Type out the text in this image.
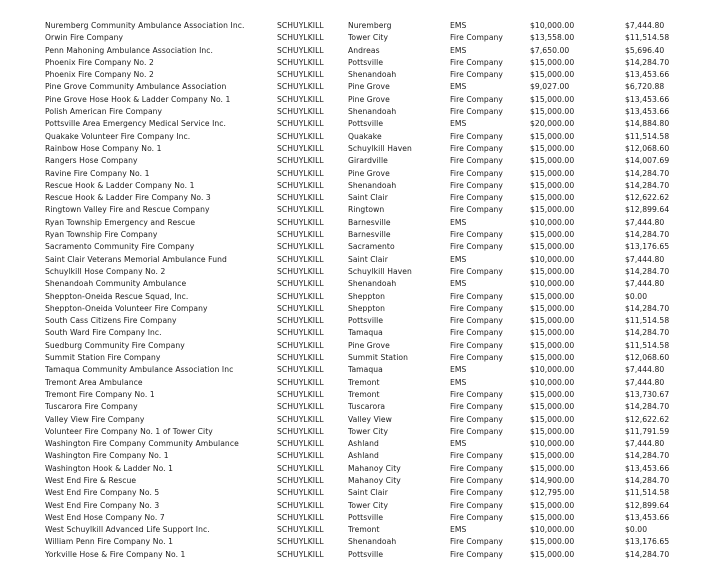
Nuremberg Community Ambulance Association Inc.	SCHUYLKILL	Nuremberg	EMS	$10,000.00	$7,444.80
Orwin Fire Company	SCHUYLKILL	Tower City	Fire Company	$13,558.00	$11,514.58
Penn Mahoning Ambulance Association Inc.	SCHUYLKILL	Andreas	EMS	$7,650.00	$5,696.40
Phoenix Fire Company No. 2	SCHUYLKILL	Pottsville	Fire Company	$15,000.00	$14,284.70
Phoenix Fire Company No. 2	SCHUYLKILL	Shenandoah	Fire Company	$15,000.00	$13,453.66
Pine Grove Community Ambulance Association	SCHUYLKILL	Pine Grove	EMS	$9,027.00	$6,720.88
Pine Grove Hose Hook & Ladder Company No. 1	SCHUYLKILL	Pine Grove	Fire Company	$15,000.00	$13,453.66
Polish American Fire Company	SCHUYLKILL	Shenandoah	Fire Company	$15,000.00	$13,453.66
Pottsville Area Emergency Medical Service Inc.	SCHUYLKILL	Pottsville	EMS	$20,000.00	$14,884.80
Quakake Volunteer Fire Company Inc.	SCHUYLKILL	Quakake	Fire Company	$15,000.00	$11,514.58
Rainbow Hose Company No. 1	SCHUYLKILL	Schuylkill Haven	Fire Company	$15,000.00	$12,068.60
Rangers Hose Company	SCHUYLKILL	Girardville	Fire Company	$15,000.00	$14,007.69
Ravine Fire Company No. 1	SCHUYLKILL	Pine Grove	Fire Company	$15,000.00	$14,284.70
Rescue Hook & Ladder Company No. 1	SCHUYLKILL	Shenandoah	Fire Company	$15,000.00	$14,284.70
Rescue Hook & Ladder Fire Company No. 3	SCHUYLKILL	Saint Clair	Fire Company	$15,000.00	$12,622.62
Ringtown Valley Fire and Rescue Company	SCHUYLKILL	Ringtown	Fire Company	$15,000.00	$12,899.64
Ryan Township Emergency and Rescue	SCHUYLKILL	Barnesville	EMS	$10,000.00	$7,444.80
Ryan Township Fire Company	SCHUYLKILL	Barnesville	Fire Company	$15,000.00	$14,284.70
Sacramento Community Fire Company	SCHUYLKILL	Sacramento	Fire Company	$15,000.00	$13,176.65
Saint Clair Veterans Memorial Ambulance Fund	SCHUYLKILL	Saint Clair	EMS	$10,000.00	$7,444.80
Schuylkill Hose Company No. 2	SCHUYLKILL	Schuylkill Haven	Fire Company	$15,000.00	$14,284.70
Shenandoah Community Ambulance	SCHUYLKILL	Shenandoah	EMS	$10,000.00	$7,444.80
Sheppton-Oneida Rescue Squad, Inc.	SCHUYLKILL	Sheppton	Fire Company	$15,000.00	$0.00
Sheppton-Oneida Volunteer Fire Company	SCHUYLKILL	Sheppton	Fire Company	$15,000.00	$14,284.70
South Cass Citizens Fire Company	SCHUYLKILL	Pottsville	Fire Company	$15,000.00	$11,514.58
South Ward Fire Company Inc.	SCHUYLKILL	Tamaqua	Fire Company	$15,000.00	$14,284.70
Suedburg Community Fire Company	SCHUYLKILL	Pine Grove	Fire Company	$15,000.00	$11,514.58
Summit Station Fire Company	SCHUYLKILL	Summit Station	Fire Company	$15,000.00	$12,068.60
Tamaqua Community Ambulance Association Inc	SCHUYLKILL	Tamaqua	EMS	$10,000.00	$7,444.80
Tremont Area Ambulance	SCHUYLKILL	Tremont	EMS	$10,000.00	$7,444.80
Tremont Fire Company No. 1	SCHUYLKILL	Tremont	Fire Company	$15,000.00	$13,730.67
Tuscarora Fire Company	SCHUYLKILL	Tuscarora	Fire Company	$15,000.00	$14,284.70
Valley View Fire Company	SCHUYLKILL	Valley View	Fire Company	$15,000.00	$12,622.62
Volunteer Fire Company No. 1 of Tower City	SCHUYLKILL	Tower City	Fire Company	$15,000.00	$11,791.59
Washington Fire Company Community Ambulance	SCHUYLKILL	Ashland	EMS	$10,000.00	$7,444.80
Washington Fire Company No. 1	SCHUYLKILL	Ashland	Fire Company	$15,000.00	$14,284.70
Washington Hook & Ladder No. 1	SCHUYLKILL	Mahanoy City	Fire Company	$15,000.00	$13,453.66
West End Fire & Rescue	SCHUYLKILL	Mahanoy City	Fire Company	$14,900.00	$14,284.70
West End Fire Company No. 5	SCHUYLKILL	Saint Clair	Fire Company	$12,795.00	$11,514.58
West End Fire Company No. 3	SCHUYLKILL	Tower City	Fire Company	$15,000.00	$12,899.64
West End Hose Company No. 7	SCHUYLKILL	Pottsville	Fire Company	$15,000.00	$13,453.66
West Schuylkill Advanced Life Support Inc.	SCHUYLKILL	Tremont	EMS	$10,000.00	$0.00
William Penn Fire Company No. 1	SCHUYLKILL	Shenandoah	Fire Company	$15,000.00	$13,176.65
Yorkville Hose & Fire Company No. 1	SCHUYLKILL	Pottsville	Fire Company	$15,000.00	$14,284.70
